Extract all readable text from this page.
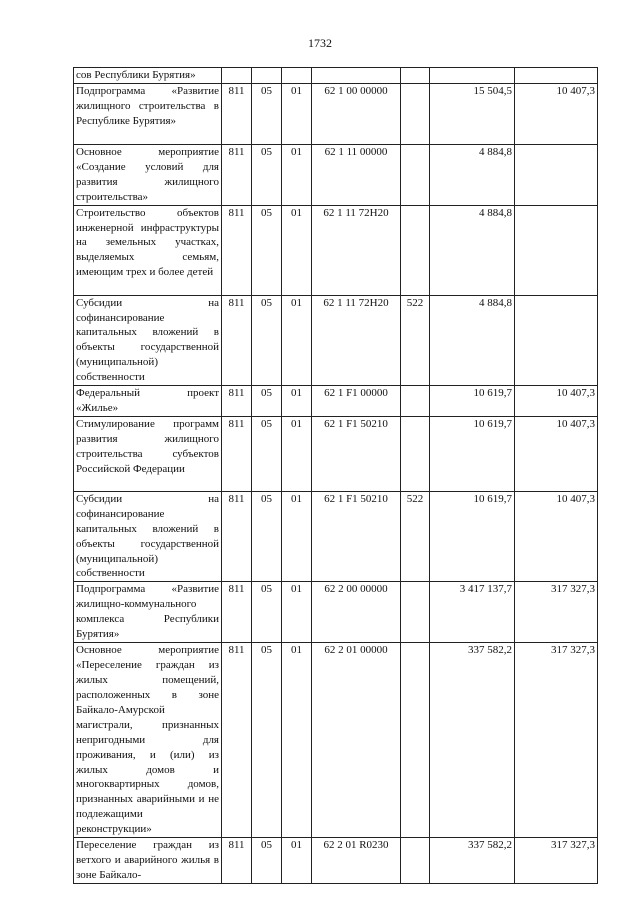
1732
сов Республики Бурятия»							
Подпрограмма «Развитие жилищного строительства в Республике Бурятия»	811	05	01	62 1 00 00000		15 504,5	10 407,3
Основное мероприятие «Создание условий для развития жилищного строительства»	811	05	01	62 1 11 00000		4 884,8	
Строительство объектов инженерной инфраструктуры на земельных участках, выделяемых семьям, имеющим трех и более детей	811	05	01	62 1 11 72H20		4 884,8	
Субсидии на софинансирование капитальных вложений в объекты государственной (муниципальной) собственности	811	05	01	62 1 11 72H20	522	4 884,8	
Федеральный проект «Жилье»	811	05	01	62 1 F1 00000		10 619,7	10 407,3
Стимулирование программ развития жилищного строительства субъектов Российской Федерации	811	05	01	62 1 F1 50210		10 619,7	10 407,3
Субсидии на софинансирование капитальных вложений в объекты государственной (муниципальной) собственности	811	05	01	62 1 F1 50210	522	10 619,7	10 407,3
Подпрограмма «Развитие жилищно-коммунального комплекса Республики Бурятия»	811	05	01	62 2 00 00000		3 417 137,7	317 327,3
Основное мероприятие «Переселение граждан из жилых помещений, расположенных в зоне Байкало-Амурской магистрали, признанных непригодными для проживания, и (или) из жилых домов и многоквартирных домов, признанных аварийными и не подлежащими реконструкции»	811	05	01	62 2 01 00000		337 582,2	317 327,3
Переселение граждан из ветхого и аварийного жилья в зоне Байкало-	811	05	01	62 2 01 R0230		337 582,2	317 327,3
